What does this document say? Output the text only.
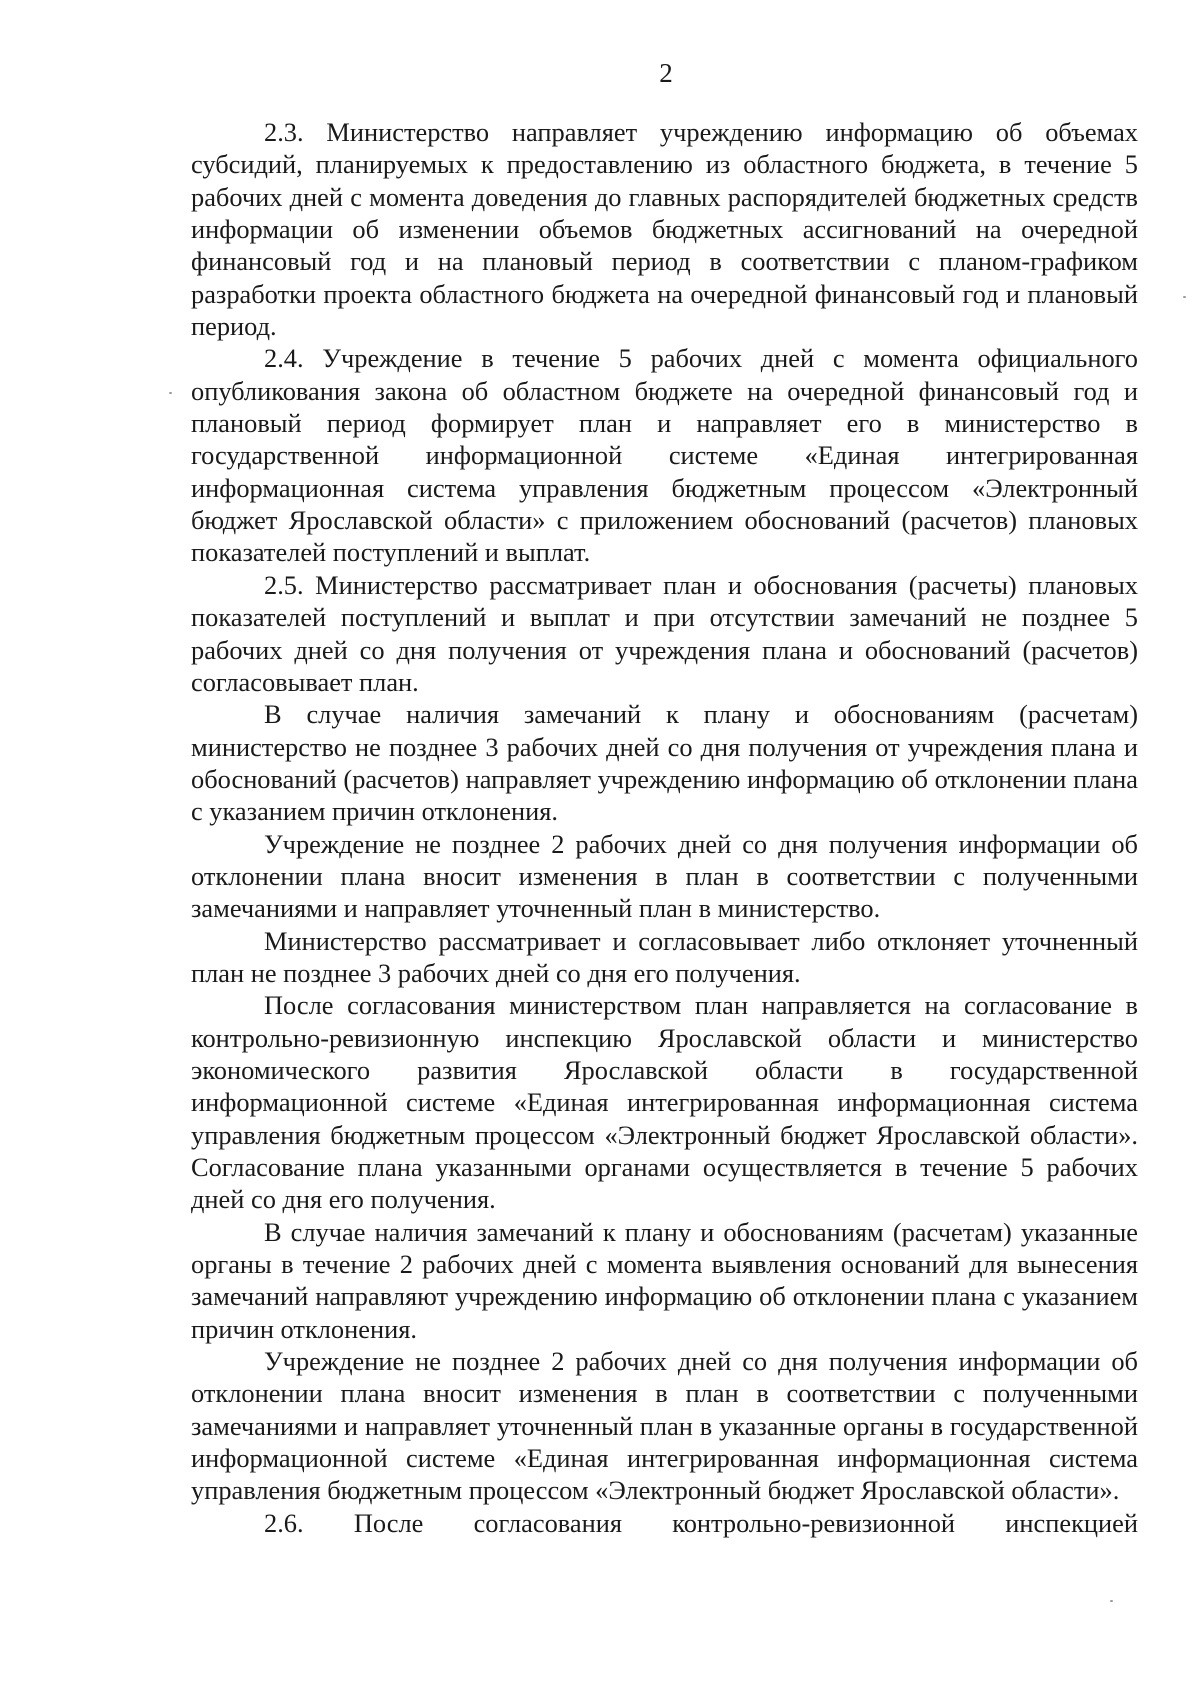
2

2.3. Министерство направляет учреждению информацию об объемах субсидий, планируемых к предоставлению из областного бюджета, в течение 5 рабочих дней с момента доведения до главных распорядителей бюджетных средств информации об изменении объемов бюджетных ассигнований на очередной финансовый год и на плановый период в соответствии с планом-графиком разработки проекта областного бюджета на очередной финансовый год и плановый период.

2.4. Учреждение в течение 5 рабочих дней с момента официального опубликования закона об областном бюджете на очередной финансовый год и плановый период формирует план и направляет его в министерство в государственной информационной системе «Единая интегрированная информационная система управления бюджетным процессом «Электронный бюджет Ярославской области» с приложением обоснований (расчетов) плановых показателей поступлений и выплат.

2.5. Министерство рассматривает план и обоснования (расчеты) плановых показателей поступлений и выплат и при отсутствии замечаний не позднее 5 рабочих дней со дня получения от учреждения плана и обоснований (расчетов) согласовывает план.

В случае наличия замечаний к плану и обоснованиям (расчетам) министерство не позднее 3 рабочих дней со дня получения от учреждения плана и обоснований (расчетов) направляет учреждению информацию об отклонении плана с указанием причин отклонения.

Учреждение не позднее 2 рабочих дней со дня получения информации об отклонении плана вносит изменения в план в соответствии с полученными замечаниями и направляет уточненный план в министерство.

Министерство рассматривает и согласовывает либо отклоняет уточненный план не позднее 3 рабочих дней со дня его получения.

После согласования министерством план направляется на согласование в контрольно-ревизионную инспекцию Ярославской области и министерство экономического развития Ярославской области в государственной информационной системе «Единая интегрированная информационная система управления бюджетным процессом «Электронный бюджет Ярославской области». Согласование плана указанными органами осуществляется в течение 5 рабочих дней со дня его получения.

В случае наличия замечаний к плану и обоснованиям (расчетам) указанные органы в течение 2 рабочих дней с момента выявления оснований для вынесения замечаний направляют учреждению информацию об отклонении плана с указанием причин отклонения.

Учреждение не позднее 2 рабочих дней со дня получения информации об отклонении плана вносит изменения в план в соответствии с полученными замечаниями и направляет уточненный план в указанные органы в государственной информационной системе «Единая интегрированная информационная система управления бюджетным процессом «Электронный бюджет Ярославской области».

2.6. После согласования контрольно-ревизионной инспекцией
